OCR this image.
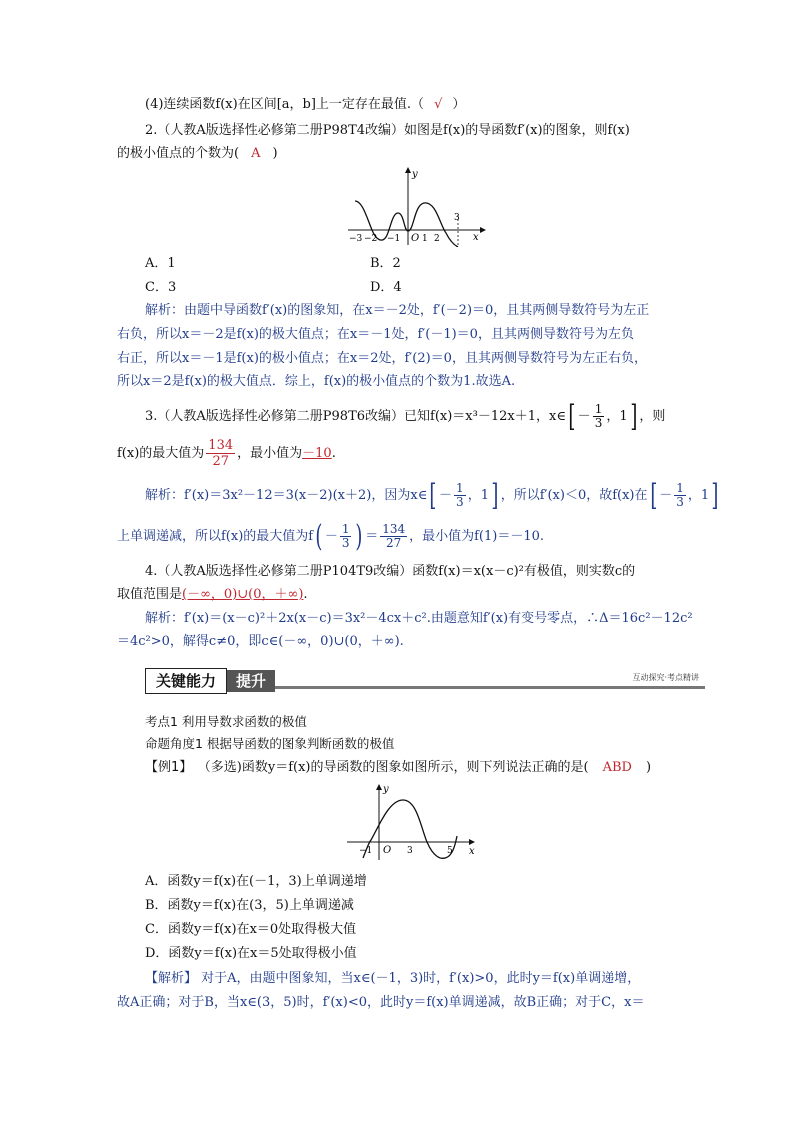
(4)连续函数f(x)在区间[a，b]上一定存在最值.（ √ ）
2.（人教A版选择性必修第二册P98T4改编）如图是f(x)的导函数f′(x)的图象，则f(x)
的极小值点的个数为( A )
y
x
O
−3 −2 −1 1 2
3
A．1	B．2
C．3	D．4
解析：由题中导函数f′(x)的图象知，在x＝－2处，f′(－2)＝0，且其两侧导数符号为左正
右负，所以x＝－2是f(x)的极大值点；在x＝－1处，f′(－1)＝0，且其两侧导数符号为左负
右正，所以x＝－1是f(x)的极小值点；在x＝2处，f′(2)＝0，且其两侧导数符号为左正右负，
所以x＝2是f(x)的极大值点．综上，f(x)的极小值点的个数为1.故选A.
3.（人教A版选择性必修第二册P98T6改编）已知f(x)＝x³－12x＋1，x∈[ － $\frac{1}{3}$ ，1] ，则
f(x)的最大值为 $\frac{134}{27}$ ，最小值为－10.
解析：f′(x)＝3x²－12＝3(x－2)(x＋2)，因为x∈[ － $\frac{1}{3}$ ，1] ，所以f′(x)＜0，故f(x)在[ － $\frac{1}{3}$ ，1]
上单调递减，所以f(x)的最大值为$f( - \frac{1}{3}$ ) ＝ $\frac{134}{27}$ ，最小值为f(1)＝－10.
4.（人教A版选择性必修第二册P104T9改编）函数f(x)＝x(x－c)²有极值，则实数c的
取值范围是(－∞，0)∪(0，＋∞).
解析：f′(x)＝(x－c)²＋2x(x－c)＝3x²－4cx＋c².由题意知f′(x)有变号零点，∴Δ＝16c²－12c²
＝4c²>0，解得c≠0，即c∈(－∞，0)∪(0，＋∞).
关键能力	提升	互动探究·考点精讲
考点1 利用导数求函数的极值
命题角度1 根据导函数的图象判断函数的极值
【例1】 （多选)函数y＝f(x)的导函数的图象如图所示，则下列说法正确的是( ABD )
y
x
O
−1	3	5
A．函数y＝f(x)在(－1，3)上单调递增
B．函数y＝f(x)在(3，5)上单调递减
C．函数y＝f(x)在x＝0处取得极大值
D．函数y＝f(x)在x＝5处取得极小值
【解析】 对于A，由题中图象知，当x∈(－1，3)时，f′(x)>0，此时y＝f(x)单调递增，
故A正确；对于B，当x∈(3，5)时，f′(x)<0，此时y＝f(x)单调递减，故B正确；对于C，x＝
